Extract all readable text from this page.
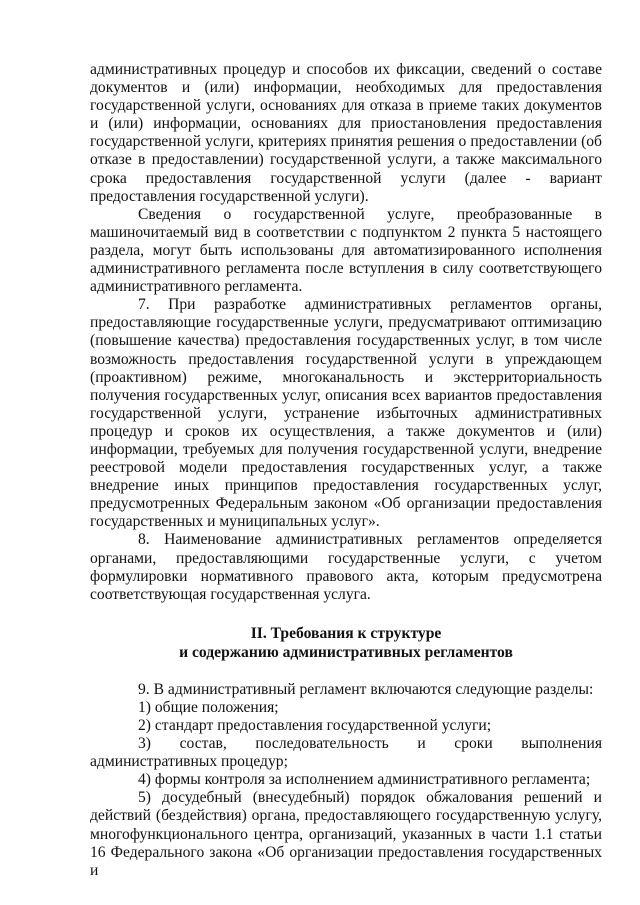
административных процедур и способов их фиксации, сведений о составе документов и (или) информации, необходимых для предоставления государственной услуги, основаниях для отказа в приеме таких документов и (или) информации, основаниях для приостановления предоставления государственной услуги, критериях принятия решения о предоставлении (об отказе в предоставлении) государственной услуги, а также максимального срока предоставления государственной услуги (далее - вариант предоставления государственной услуги).

Сведения о государственной услуге, преобразованные в машиночитаемый вид в соответствии с подпунктом 2 пункта 5 настоящего раздела, могут быть использованы для автоматизированного исполнения административного регламента после вступления в силу соответствующего административного регламента.

7. При разработке административных регламентов органы, предоставляющие государственные услуги, предусматривают оптимизацию (повышение качества) предоставления государственных услуг, в том числе возможность предоставления государственной услуги в упреждающем (проактивном) режиме, многоканальность и экстерриториальность получения государственных услуг, описания всех вариантов предоставления государственной услуги, устранение избыточных административных процедур и сроков их осуществления, а также документов и (или) информации, требуемых для получения государственной услуги, внедрение реестровой модели предоставления государственных услуг, а также внедрение иных принципов предоставления государственных услуг, предусмотренных Федеральным законом «Об организации предоставления государственных и муниципальных услуг».

8. Наименование административных регламентов определяется органами, предоставляющими государственные услуги, с учетом формулировки нормативного правового акта, которым предусмотрена соответствующая государственная услуга.

II. Требования к структуре
и содержанию административных регламентов

9. В административный регламент включаются следующие разделы:

1) общие положения;

2) стандарт предоставления государственной услуги;

3) состав, последовательность и сроки выполнения административных процедур;

4) формы контроля за исполнением административного регламента;

5) досудебный (внесудебный) порядок обжалования решений и действий (бездействия) органа, предоставляющего государственную услугу, многофункционального центра, организаций, указанных в части 1.1 статьи 16 Федерального закона «Об организации предоставления государственных и
